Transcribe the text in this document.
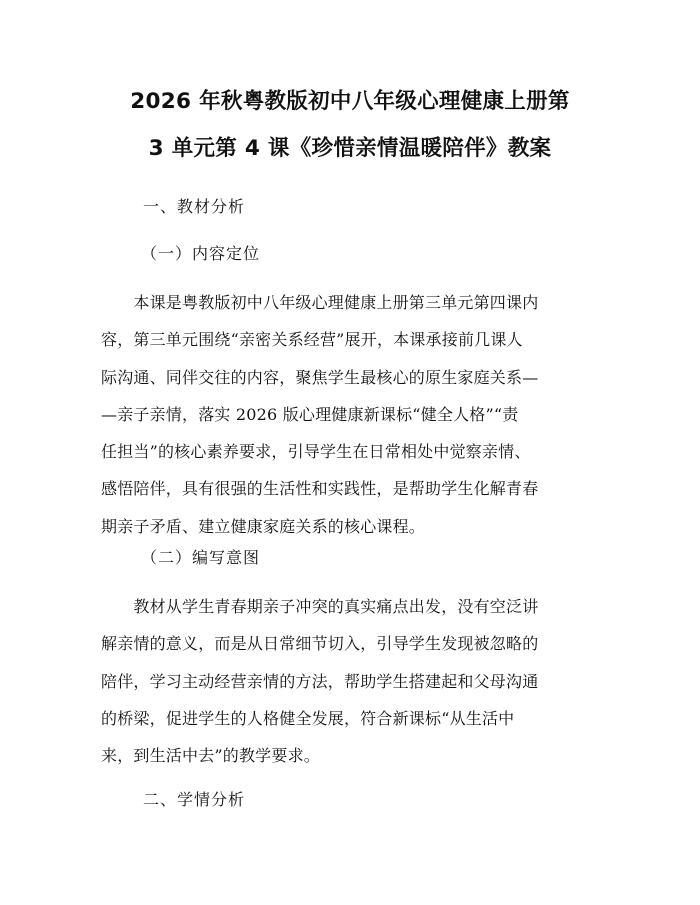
2026 年秋粤教版初中八年级心理健康上册第
3 单元第 4 课《珍惜亲情温暖陪伴》教案
一、教材分析
（一）内容定位
　　本课是粤教版初中八年级心理健康上册第三单元第四课内
容，第三单元围绕“亲密关系经营”展开，本课承接前几课人
际沟通、同伴交往的内容，聚焦学生最核心的原生家庭关系—
—亲子亲情，落实 2026 版心理健康新课标“健全人格”“责
任担当”的核心素养要求，引导学生在日常相处中觉察亲情、
感悟陪伴，具有很强的生活性和实践性，是帮助学生化解青春
期亲子矛盾、建立健康家庭关系的核心课程。
（二）编写意图
　　教材从学生青春期亲子冲突的真实痛点出发，没有空泛讲
解亲情的意义，而是从日常细节切入，引导学生发现被忽略的
陪伴，学习主动经营亲情的方法，帮助学生搭建起和父母沟通
的桥梁，促进学生的人格健全发展，符合新课标“从生活中
来，到生活中去”的教学要求。
二、学情分析
